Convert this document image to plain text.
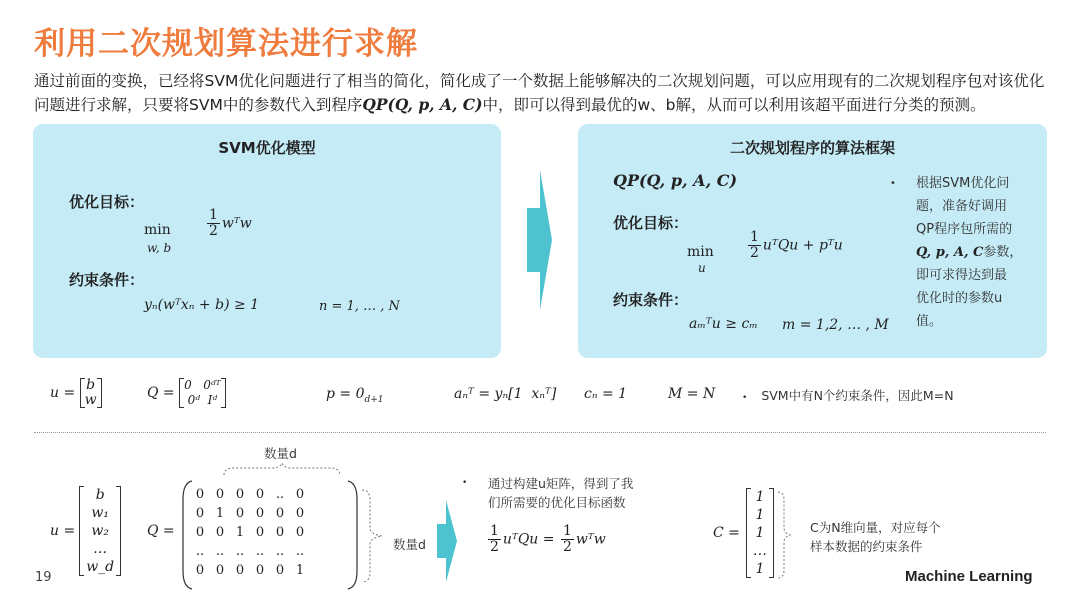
利用二次规划算法进行求解
通过前面的变换，已经将SVM优化问题进行了相当的简化，简化成了一个数据上能够解决的二次规划问题，可以应用现有的二次规划程序包对该优化问题进行求解，只要将SVM中的参数代入到程序QP(Q, p, A, C)中，即可以得到最优的w、b解，从而可以利用该超平面进行分类的预测。
SVM优化模型
优化目标：
min
w, b
$\frac{1}{2}$ wᵀw
约束条件：
yₙ(wᵀxₙ + b) ≥ 1	n = 1, … , N
二次规划程序的算法框架
QP(Q, p, A, C)
优化目标：
min
u
$\frac{1}{2}$ uᵀQu + pᵀu
约束条件：
aₘᵀu ≥ cₘ m = 1,2, … , M
• 根据SVM优化问
题，准备好调用
QP程序包所需的
Q, p, A, C参数，
即可求得达到最
优化时的参数u
值。
u = b
w	Q = 0 0ᵈᵀ
0ᵈ Iᵈ	$p = 0_{d+1}$	aₙᵀ = yₙ[1 xₙᵀ] cₙ = 1	M = N	• SVM中有N个约束条件，因此M=N
u =
b
w₁
w₂
…
w_d
数量d
Q =
0	0	0	0	..	0
0	1	0	0	0	0
0	0	1	0	0	0
..	..	..	..	..	..
0	0	0	0	0	1
数量d
• 通过构建u矩阵，得到了我
们所需要的优化目标函数
$\frac{1}{2}$ uᵀQu = $\frac{1}{2}$ wᵀw	C =
1
1
1
…
1
C为N维向量，对应每个
样本数据的约束条件
19	Machine Learning
